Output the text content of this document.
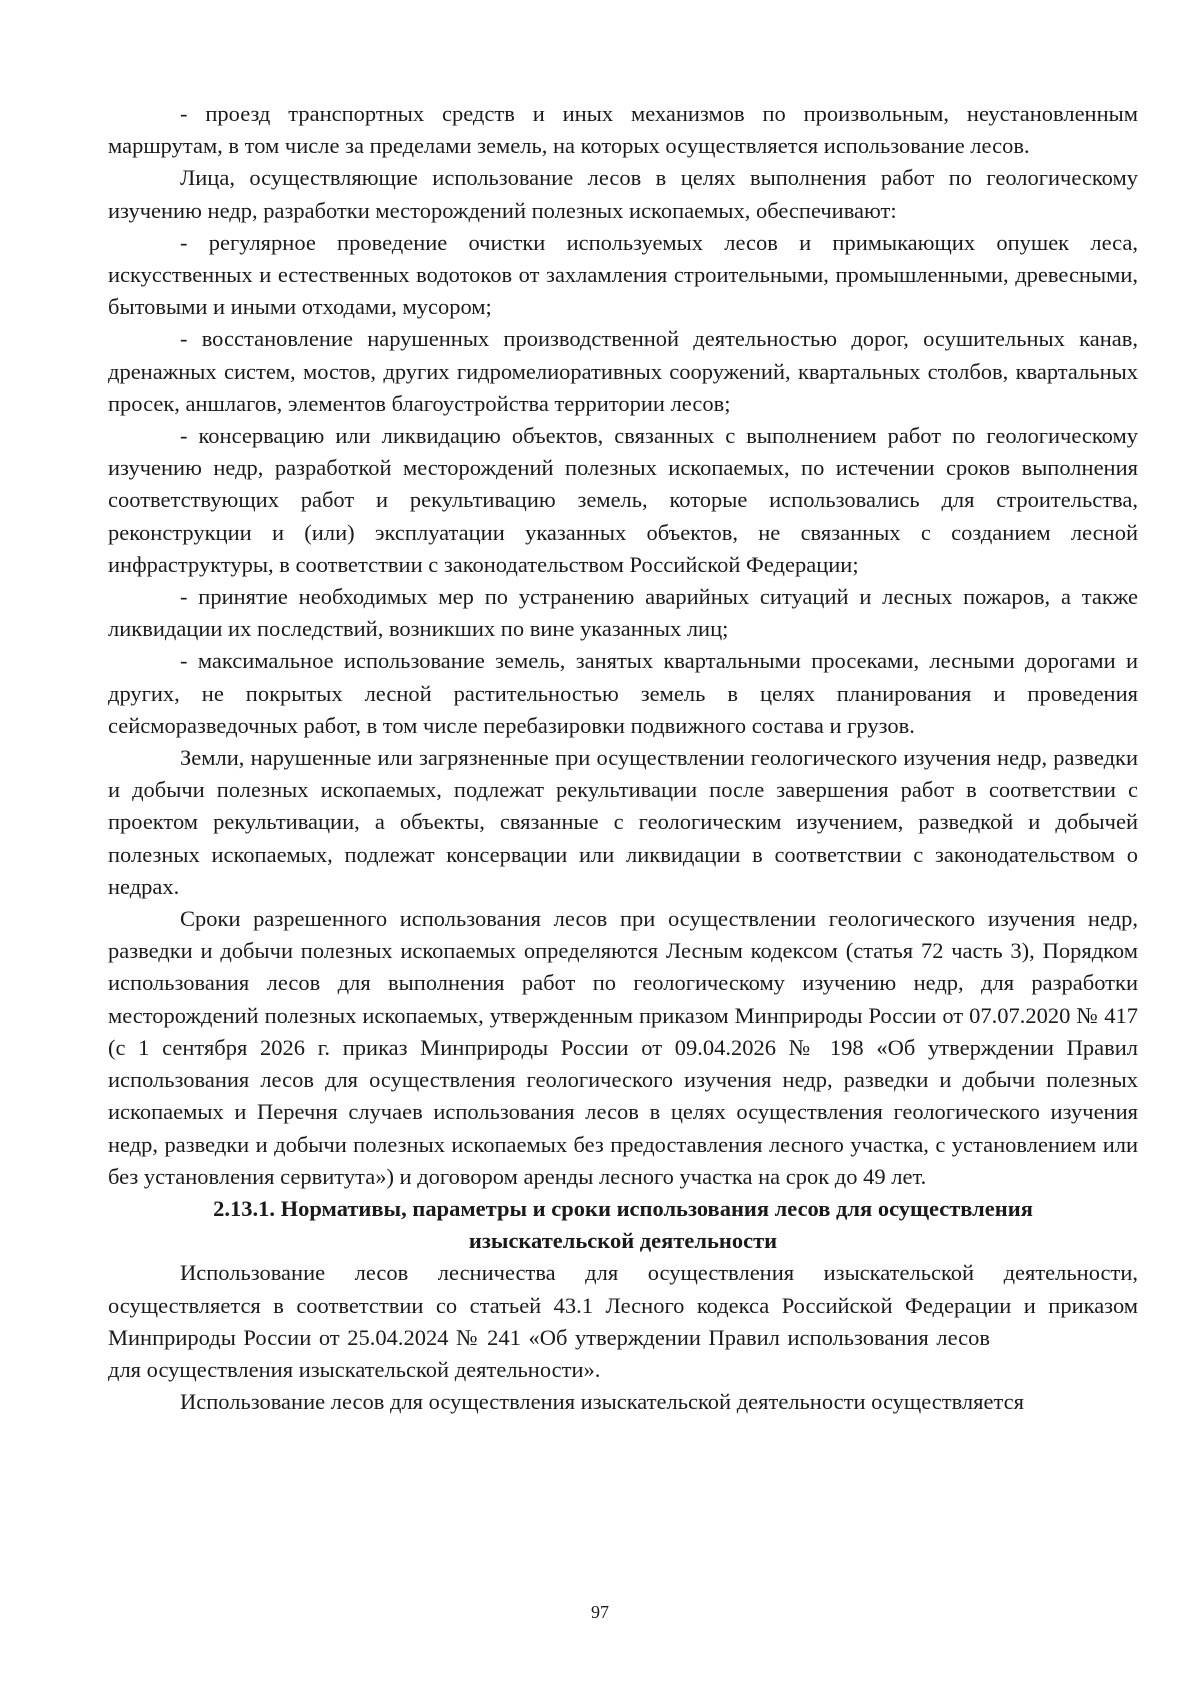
- проезд транспортных средств и иных механизмов по произвольным, неустановленным маршрутам, в том числе за пределами земель, на которых осуществляется использование лесов.

Лица, осуществляющие использование лесов в целях выполнения работ по геологическому изучению недр, разработки месторождений полезных ископаемых, обеспечивают:

- регулярное проведение очистки используемых лесов и примыкающих опушек леса, искусственных и естественных водотоков от захламления строительными, промышленными, древесными, бытовыми и иными отходами, мусором;

- восстановление нарушенных производственной деятельностью дорог, осушительных канав, дренажных систем, мостов, других гидромелиоративных сооружений, квартальных столбов, квартальных просек, аншлагов, элементов благоустройства территории лесов;

- консервацию или ликвидацию объектов, связанных с выполнением работ по геологическому изучению недр, разработкой месторождений полезных ископаемых, по истечении сроков выполнения соответствующих работ и рекультивацию земель, которые использовались для строительства, реконструкции и (или) эксплуатации указанных объектов, не связанных с созданием лесной инфраструктуры, в соответствии с законодательством Российской Федерации;

- принятие необходимых мер по устранению аварийных ситуаций и лесных пожаров, а также ликвидации их последствий, возникших по вине указанных лиц;

- максимальное использование земель, занятых квартальными просеками, лесными дорогами и других, не покрытых лесной растительностью земель в целях планирования и проведения сейсморазведочных работ, в том числе перебазировки подвижного состава и грузов.

Земли, нарушенные или загрязненные при осуществлении геологического изучения недр, разведки и добычи полезных ископаемых, подлежат рекультивации после завершения работ в соответствии с проектом рекультивации, а объекты, связанные с геологическим изучением, разведкой и добычей полезных ископаемых, подлежат консервации или ликвидации в соответствии с законодательством о недрах.

Сроки разрешенного использования лесов при осуществлении геологического изучения недр, разведки и добычи полезных ископаемых определяются Лесным кодексом (статья 72 часть 3), Порядком использования лесов для выполнения работ по геологическому изучению недр, для разработки месторождений полезных ископаемых, утвержденным приказом Минприроды России от 07.07.2020 № 417 (с 1 сентября 2026 г. приказ Минприроды России от 09.04.2026 № 198 «Об утверждении Правил использования лесов для осуществления геологического изучения недр, разведки и добычи полезных ископаемых и Перечня случаев использования лесов в целях осуществления геологического изучения недр, разведки и добычи полезных ископаемых без предоставления лесного участка, с установлением или без установления сервитута») и договором аренды лесного участка на срок до 49 лет.

2.13.1. Нормативы, параметры и сроки использования лесов для осуществления изыскательской деятельности

Использование лесов лесничества для осуществления изыскательской деятельности, осуществляется в соответствии со статьей 43.1 Лесного кодекса Российской Федерации и приказом Минприроды России от 25.04.2024 № 241 «Об утверждении Правил использования лесовдля осуществления изыскательской деятельности».

Использование лесов для осуществления изыскательской деятельности осуществляется

97
